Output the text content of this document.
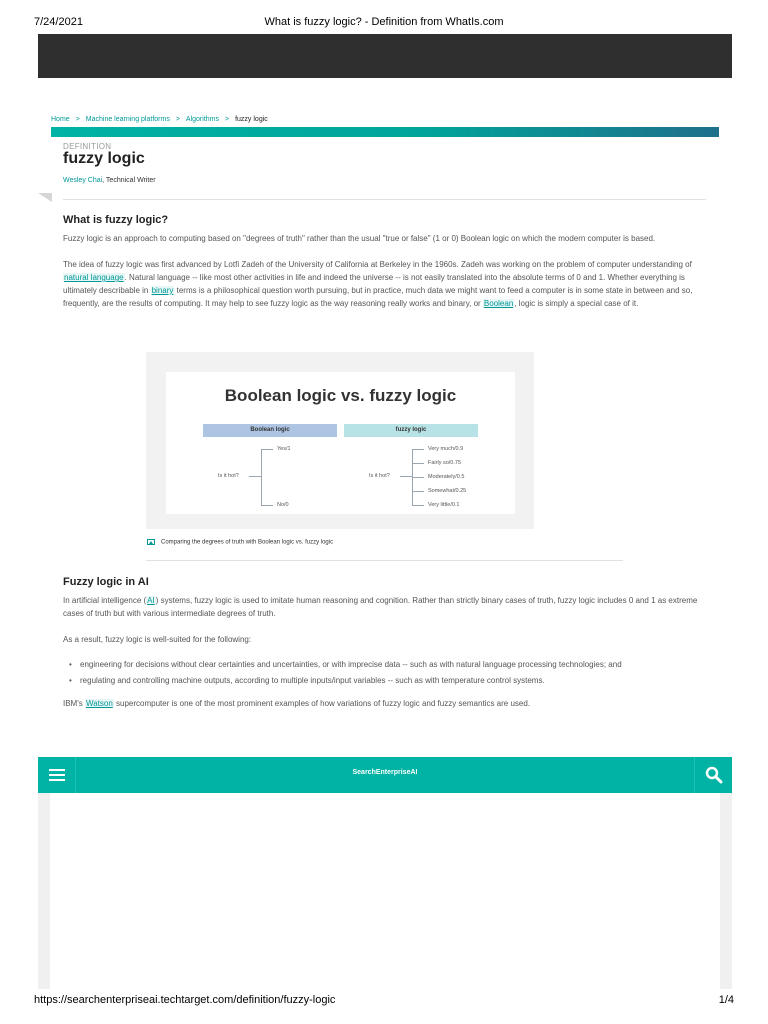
7/24/2021	What is fuzzy logic? - Definition from WhatIs.com
Home > Machine learning platforms > Algorithms > fuzzy logic
DEFINITION
fuzzy logic
Wesley Chai, Technical Writer
What is fuzzy logic?

Fuzzy logic is an approach to computing based on "degrees of truth" rather than the usual "true or false" (1 or 0) Boolean logic on which the modern computer is based.

The idea of fuzzy logic was first advanced by Lotfi Zadeh of the University of California at Berkeley in the 1960s. Zadeh was working on the problem of computer understanding of natural language. Natural language -- like most other activities in life and indeed the universe -- is not easily translated into the absolute terms of 0 and 1. Whether everything is ultimately describable in binary terms is a philosophical question worth pursuing, but in practice, much data we might want to feed a computer is in some state in between and so, frequently, are the results of computing. It may help to see fuzzy logic as the way reasoning really works and binary, or Boolean, logic is simply a special case of it.

Boolean logic vs. fuzzy logic
Boolean logic	fuzzy logic
Is it hot?
Yes/1
No/0
Is it hot?
Very much/0.9
Fairly so/0.75
Moderately/0.5
Somewhat/0.25
Very little/0.1
Comparing the degrees of truth with Boolean logic vs. fuzzy logic
Fuzzy logic in AI

In artificial intelligence (AI) systems, fuzzy logic is used to imitate human reasoning and cognition. Rather than strictly binary cases of truth, fuzzy logic includes 0 and 1 as extreme cases of truth but with various intermediate degrees of truth.

As a result, fuzzy logic is well-suited for the following:

• engineering for decisions without clear certainties and uncertainties, or with imprecise data -- such as with natural language processing technologies; and
• regulating and controlling machine outputs, according to multiple inputs/input variables -- such as with temperature control systems.

IBM's Watson supercomputer is one of the most prominent examples of how variations of fuzzy logic and fuzzy semantics are used.

SearchEnterpriseAI
https://searchenterpriseai.techtarget.com/definition/fuzzy-logic	1/4
